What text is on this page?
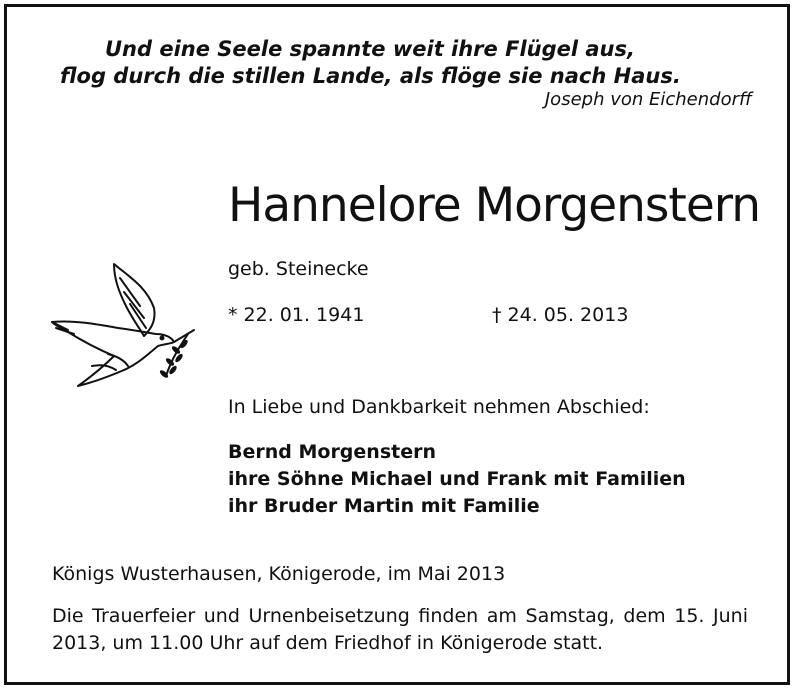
Und eine Seele spannte weit ihre Flügel aus,
flog durch die stillen Lande, als flöge sie nach Haus.
Joseph von Eichendorff
Hannelore Morgenstern
geb. Steinecke
* 22. 01. 1941	† 24. 05. 2013
In Liebe und Dankbarkeit nehmen Abschied:
Bernd Morgenstern
ihre Söhne Michael und Frank mit Familien
ihr Bruder Martin mit Familie
Königs Wusterhausen, Königerode, im Mai 2013
Die Trauerfeier und Urnenbeisetzung finden am Samstag, dem 15. Juni 2013, um 11.00 Uhr auf dem Friedhof in Königerode statt.
